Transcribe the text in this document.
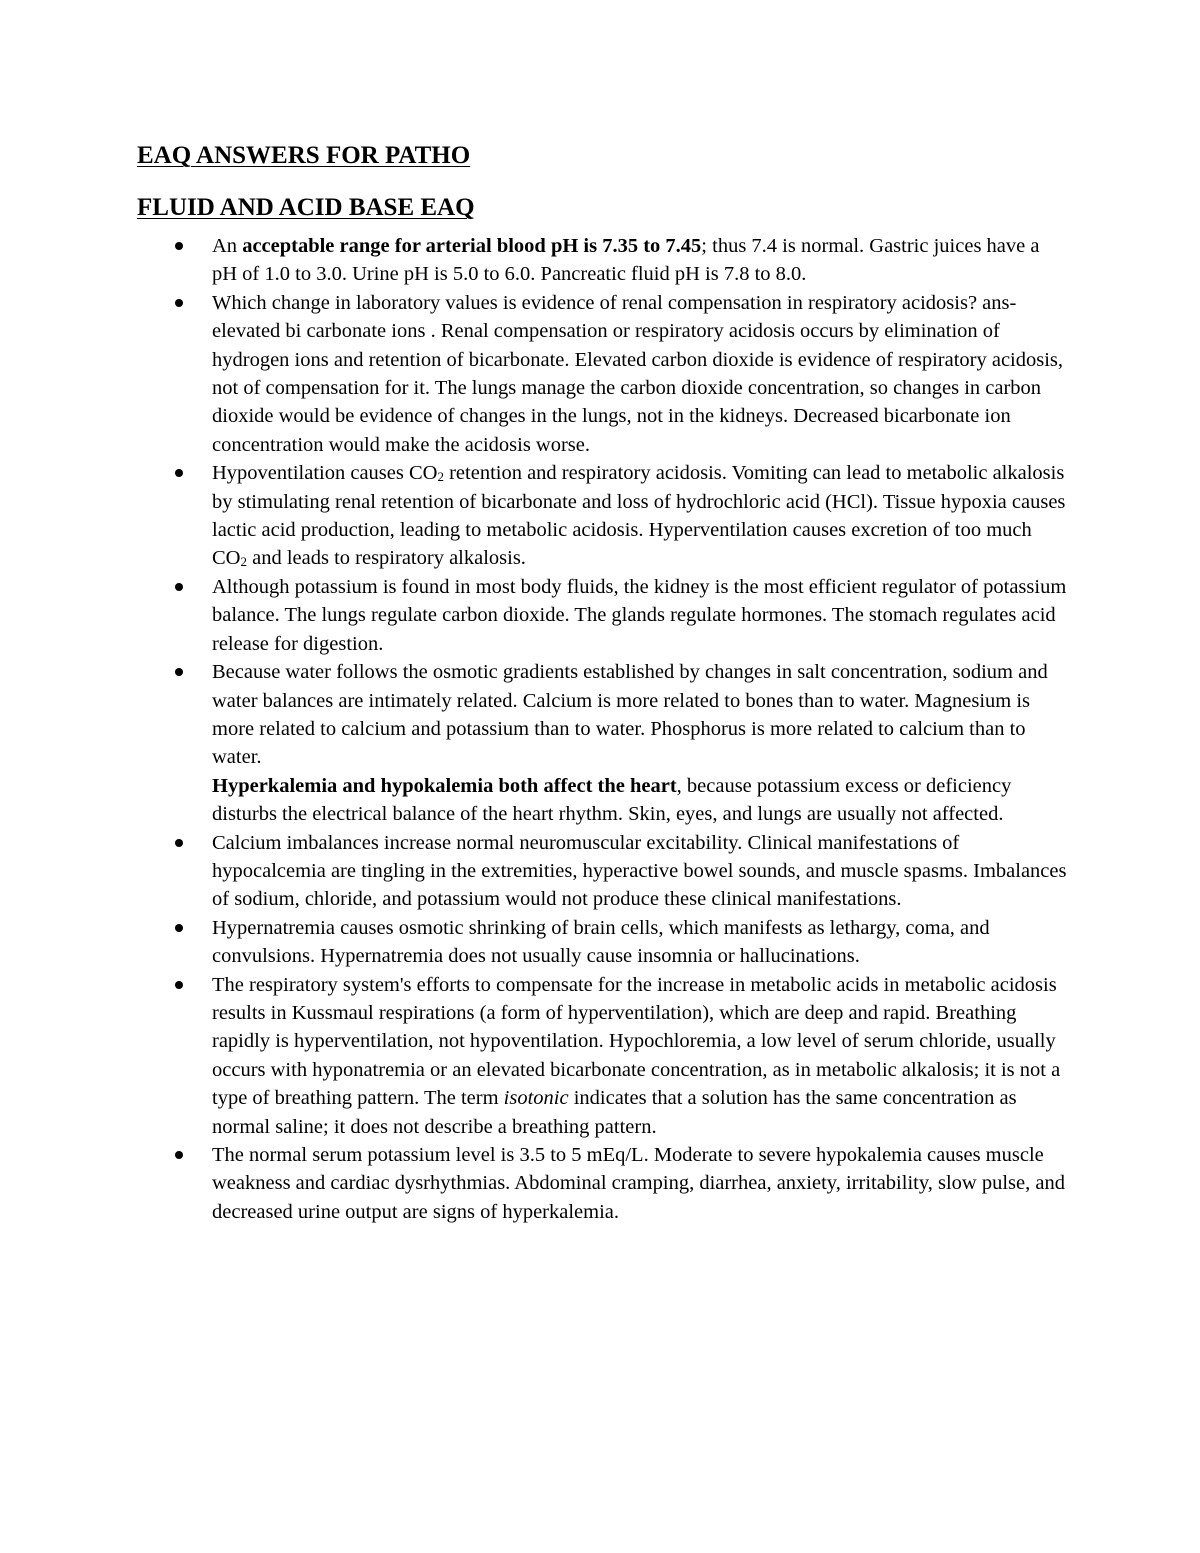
EAQ ANSWERS FOR PATHO
FLUID AND ACID BASE EAQ
An acceptable range for arterial blood pH is 7.35 to 7.45; thus 7.4 is normal. Gastric juices have a pH of 1.0 to 3.0. Urine pH is 5.0 to 6.0. Pancreatic fluid pH is 7.8 to 8.0.
Which change in laboratory values is evidence of renal compensation in respiratory acidosis? ans- elevated bi carbonate ions . Renal compensation or respiratory acidosis occurs by elimination of hydrogen ions and retention of bicarbonate. Elevated carbon dioxide is evidence of respiratory acidosis, not of compensation for it. The lungs manage the carbon dioxide concentration, so changes in carbon dioxide would be evidence of changes in the lungs, not in the kidneys. Decreased bicarbonate ion concentration would make the acidosis worse.
Hypoventilation causes $CO_2$ retention and respiratory acidosis. Vomiting can lead to metabolic alkalosis by stimulating renal retention of bicarbonate and loss of hydrochloric acid (HCl). Tissue hypoxia causes lactic acid production, leading to metabolic acidosis. Hyperventilation causes excretion of too much $CO_2$ and leads to respiratory alkalosis.
Although potassium is found in most body fluids, the kidney is the most efficient regulator of potassium balance. The lungs regulate carbon dioxide. The glands regulate hormones. The stomach regulates acid release for digestion.
Because water follows the osmotic gradients established by changes in salt concentration, sodium and water balances are intimately related. Calcium is more related to bones than to water. Magnesium is more related to calcium and potassium than to water. Phosphorus is more related to calcium than to water.
Hyperkalemia and hypokalemia both affect the heart, because potassium excess or deficiency disturbs the electrical balance of the heart rhythm. Skin, eyes, and lungs are usually not affected.
Calcium imbalances increase normal neuromuscular excitability. Clinical manifestations of hypocalcemia are tingling in the extremities, hyperactive bowel sounds, and muscle spasms. Imbalances of sodium, chloride, and potassium would not produce these clinical manifestations.
Hypernatremia causes osmotic shrinking of brain cells, which manifests as lethargy, coma, and convulsions. Hypernatremia does not usually cause insomnia or hallucinations.
The respiratory system's efforts to compensate for the increase in metabolic acids in metabolic acidosis results in Kussmaul respirations (a form of hyperventilation), which are deep and rapid. Breathing rapidly is hyperventilation, not hypoventilation. Hypochloremia, a low level of serum chloride, usually occurs with hyponatremia or an elevated bicarbonate concentration, as in metabolic alkalosis; it is not a type of breathing pattern. The term isotonic indicates that a solution has the same concentration as normal saline; it does not describe a breathing pattern.
The normal serum potassium level is 3.5 to 5 mEq/L. Moderate to severe hypokalemia causes muscle weakness and cardiac dysrhythmias. Abdominal cramping, diarrhea, anxiety, irritability, slow pulse, and decreased urine output are signs of hyperkalemia.
